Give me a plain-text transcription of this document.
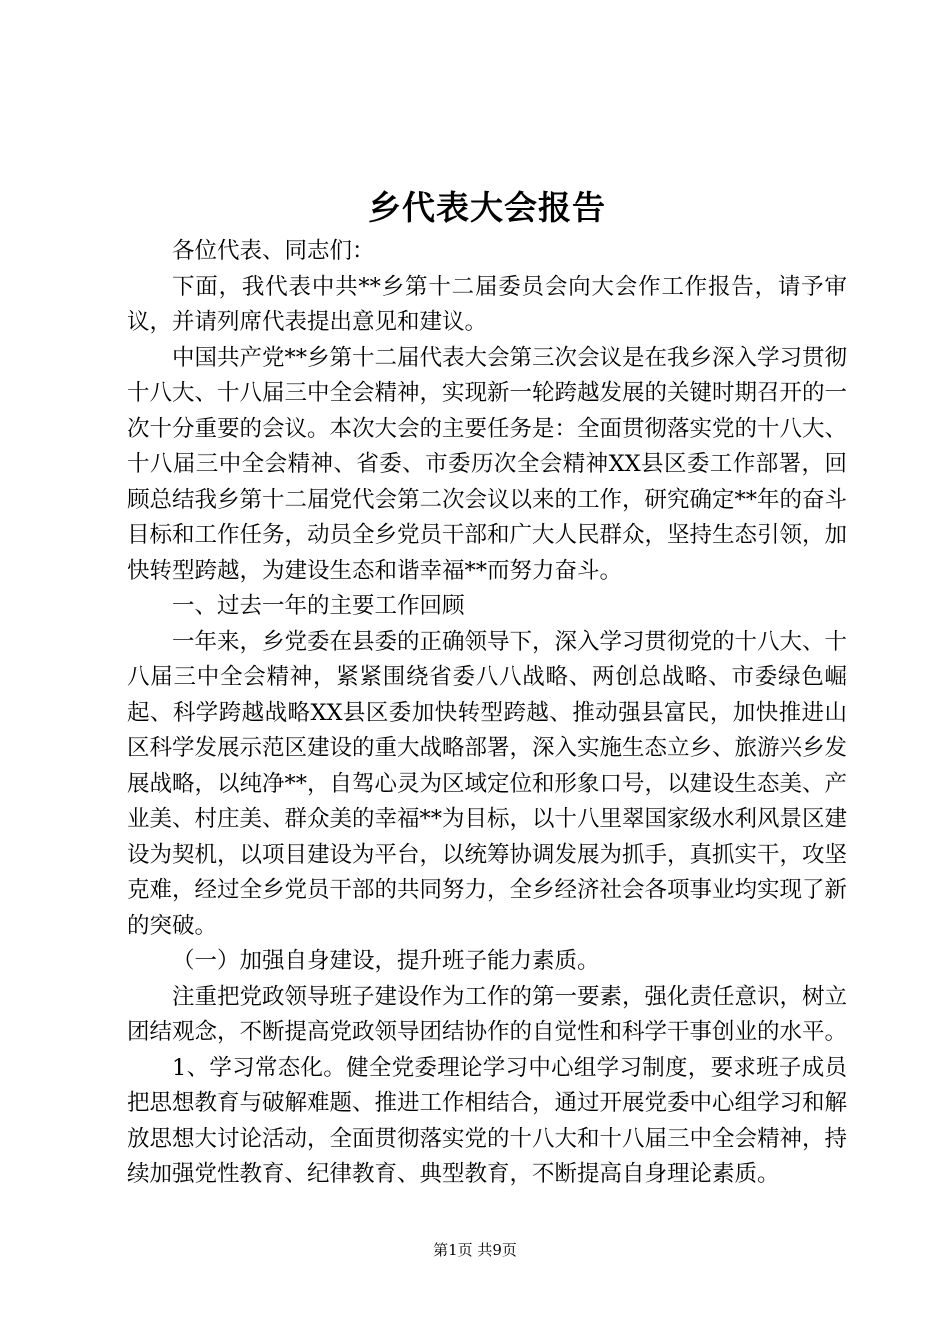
乡代表大会报告

各位代表、同志们：

下面，我代表中共**乡第十二届委员会向大会作工作报告，请予审议，并请列席代表提出意见和建议。

中国共产党**乡第十二届代表大会第三次会议是在我乡深入学习贯彻十八大、十八届三中全会精神，实现新一轮跨越发展的关键时期召开的一次十分重要的会议。本次大会的主要任务是：全面贯彻落实党的十八大、十八届三中全会精神、省委、市委历次全会精神XX县区委工作部署，回顾总结我乡第十二届党代会第二次会议以来的工作，研究确定**年的奋斗目标和工作任务，动员全乡党员干部和广大人民群众，坚持生态引领，加快转型跨越，为建设生态和谐幸福**而努力奋斗。

一、过去一年的主要工作回顾

一年来，乡党委在县委的正确领导下，深入学习贯彻党的十八大、十八届三中全会精神，紧紧围绕省委八八战略、两创总战略、市委绿色崛起、科学跨越战略XX县区委加快转型跨越、推动强县富民，加快推进山区科学发展示范区建设的重大战略部署，深入实施生态立乡、旅游兴乡发展战略，以纯净**，自驾心灵为区域定位和形象口号，以建设生态美、产业美、村庄美、群众美的幸福**为目标，以十八里翠国家级水利风景区建设为契机，以项目建设为平台，以统筹协调发展为抓手，真抓实干，攻坚克难，经过全乡党员干部的共同努力，全乡经济社会各项事业均实现了新的突破。

（一）加强自身建设，提升班子能力素质。

注重把党政领导班子建设作为工作的第一要素，强化责任意识，树立团结观念，不断提高党政领导团结协作的自觉性和科学干事创业的水平。

1、学习常态化。健全党委理论学习中心组学习制度，要求班子成员把思想教育与破解难题、推进工作相结合，通过开展党委中心组学习和解放思想大讨论活动，全面贯彻落实党的十八大和十八届三中全会精神，持续加强党性教育、纪律教育、典型教育，不断提高自身理论素质。

第1页 共9页
